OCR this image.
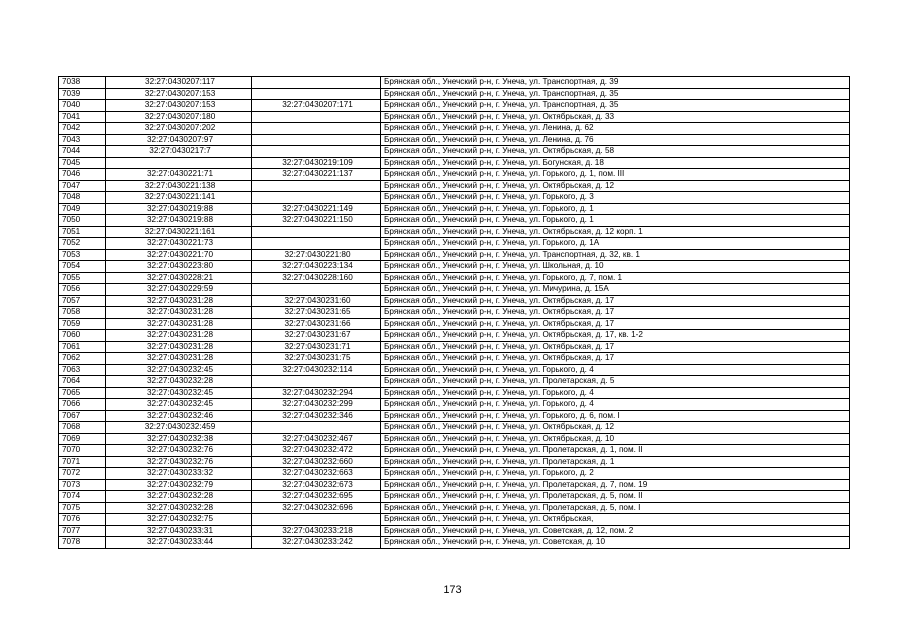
7038	32:27:0430207:117		Брянская обл., Унечский р-н, г. Унеча, ул. Транспортная, д. 39
7039	32:27:0430207:153		Брянская обл., Унечский р-н, г. Унеча, ул. Транспортная, д. 35
7040	32:27:0430207:153	32:27:0430207:171	Брянская обл., Унечский р-н, г. Унеча, ул. Транспортная, д. 35
7041	32:27:0430207:180		Брянская обл., Унечский р-н, г. Унеча, ул. Октябрьская, д. 33
7042	32:27:0430207:202		Брянская обл., Унечский р-н, г. Унеча, ул. Ленина, д. 62
7043	32:27:0430207:97		Брянская обл., Унечский р-н, г. Унеча, ул. Ленина, д. 76
7044	32:27:0430217:7		Брянская обл., Унечский р-н, г. Унеча, ул. Октябрьская, д. 58
7045		32:27:0430219:109	Брянская обл., Унечский р-н, г. Унеча, ул. Богунская, д. 18
7046	32:27:0430221:71	32:27:0430221:137	Брянская обл., Унечский р-н, г. Унеча, ул. Горького, д. 1, пом. III
7047	32:27:0430221:138		Брянская обл., Унечский р-н, г. Унеча, ул. Октябрьская, д. 12
7048	32:27:0430221:141		Брянская обл., Унечский р-н, г. Унеча, ул. Горького, д. 3
7049	32:27:0430219:88	32:27:0430221:149	Брянская обл., Унечский р-н, г. Унеча, ул. Горького, д. 1
7050	32:27:0430219:88	32:27:0430221:150	Брянская обл., Унечский р-н, г. Унеча, ул. Горького, д. 1
7051	32:27:0430221:161		Брянская обл., Унечский р-н, г. Унеча, ул. Октябрьская, д. 12 корп. 1
7052	32:27:0430221:73		Брянская обл., Унечский р-н, г. Унеча, ул. Горького, д. 1А
7053	32:27:0430221:70	32:27:0430221:80	Брянская обл., Унечский р-н, г. Унеча, ул. Транспортная, д. 32, кв. 1
7054	32:27:0430223:80	32:27:0430223:134	Брянская обл., Унечский р-н, г. Унеча, ул. Школьная, д. 10
7055	32:27:0430228:21	32:27:0430228:160	Брянская обл., Унечский р-н, г. Унеча, ул. Горького, д. 7, пом. 1
7056	32:27:0430229:59		Брянская обл., Унечский р-н, г. Унеча, ул. Мичурина, д. 15А
7057	32:27:0430231:28	32:27:0430231:60	Брянская обл., Унечский р-н, г. Унеча, ул. Октябрьская, д. 17
7058	32:27:0430231:28	32:27:0430231:65	Брянская обл., Унечский р-н, г. Унеча, ул. Октябрьская, д. 17
7059	32:27:0430231:28	32:27:0430231:66	Брянская обл., Унечский р-н, г. Унеча, ул. Октябрьская, д. 17
7060	32:27:0430231:28	32:27:0430231:67	Брянская обл., Унечский р-н, г. Унеча, ул. Октябрьская, д. 17, кв. 1-2
7061	32:27:0430231:28	32:27:0430231:71	Брянская обл., Унечский р-н, г. Унеча, ул. Октябрьская, д. 17
7062	32:27:0430231:28	32:27:0430231:75	Брянская обл., Унечский р-н, г. Унеча, ул. Октябрьская, д. 17
7063	32:27:0430232:45	32:27:0430232:114	Брянская обл., Унечский р-н, г. Унеча, ул. Горького, д. 4
7064	32:27:0430232:28		Брянская обл., Унечский р-н, г. Унеча, ул. Пролетарская, д. 5
7065	32:27:0430232:45	32:27:0430232:294	Брянская обл., Унечский р-н, г. Унеча, ул. Горького, д. 4
7066	32:27:0430232:45	32:27:0430232:299	Брянская обл., Унечский р-н, г. Унеча, ул. Горького, д. 4
7067	32:27:0430232:46	32:27:0430232:346	Брянская обл., Унечский р-н, г. Унеча, ул. Горького, д. 6, пом. I
7068	32:27:0430232:459		Брянская обл., Унечский р-н, г. Унеча, ул. Октябрьская, д. 12
7069	32:27:0430232:38	32:27:0430232:467	Брянская обл., Унечский р-н, г. Унеча, ул. Октябрьская, д. 10
7070	32:27:0430232:76	32:27:0430232:472	Брянская обл., Унечский р-н, г. Унеча, ул. Пролетарская, д. 1, пом. II
7071	32:27:0430232:76	32:27:0430232:660	Брянская обл., Унечский р-н, г. Унеча, ул. Пролетарская, д. 1
7072	32:27:0430233:32	32:27:0430232:663	Брянская обл., Унечский р-н, г. Унеча, ул. Горького, д. 2
7073	32:27:0430232:79	32:27:0430232:673	Брянская обл., Унечский р-н, г. Унеча, ул. Пролетарская, д. 7, пом. 19
7074	32:27:0430232:28	32:27:0430232:695	Брянская обл., Унечский р-н, г. Унеча, ул. Пролетарская, д. 5, пом. II
7075	32:27:0430232:28	32:27:0430232:696	Брянская обл., Унечский р-н, г. Унеча, ул. Пролетарская, д. 5, пом. I
7076	32:27:0430232:75		Брянская обл., Унечский р-н, г. Унеча, ул. Октябрьская,
7077	32:27:0430233:31	32:27:0430233:218	Брянская обл., Унечский р-н, г. Унеча, ул. Советская, д. 12, пом. 2
7078	32:27:0430233:44	32:27:0430233:242	Брянская обл., Унечский р-н, г. Унеча, ул. Советская, д. 10
173
